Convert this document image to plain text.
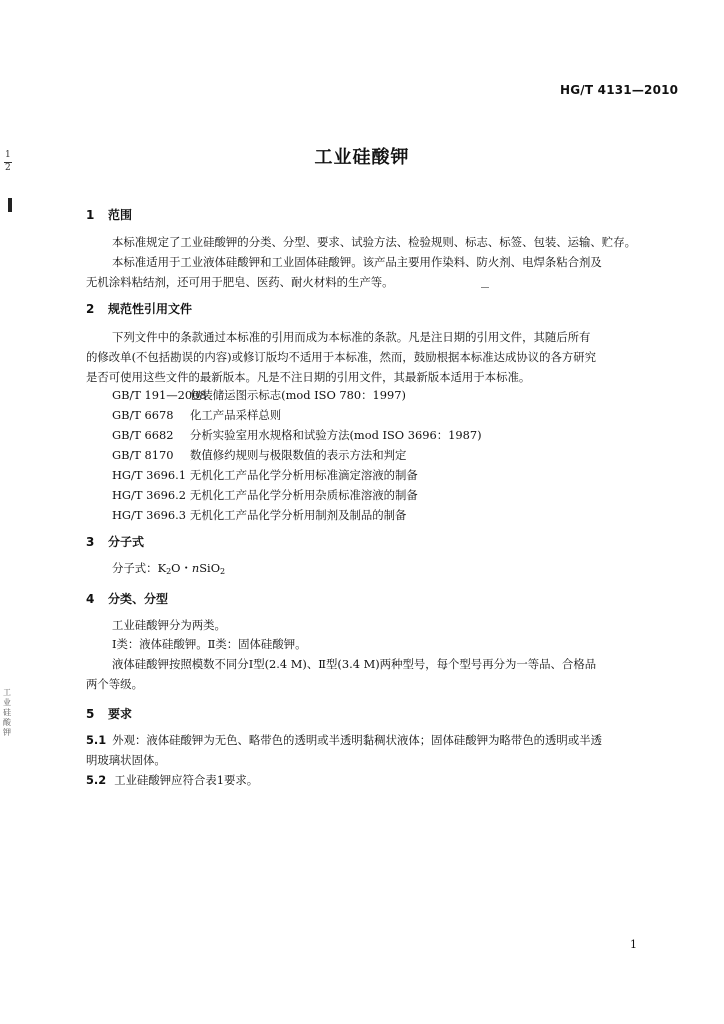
1
2
工业硅酸钾
HG/T 4131—2010
工业硅酸钾
1 范围
本标准规定了工业硅酸钾的分类、分型、要求、试验方法、检验规则、标志、标签、包装、运输、贮存。
本标准适用于工业液体硅酸钾和工业固体硅酸钾。该产品主要用作染料、防火剂、电焊条粘合剂及
无机涂料粘结剂，还可用于肥皂、医药、耐火材料的生产等。
2 规范性引用文件
下列文件中的条款通过本标准的引用而成为本标准的条款。凡是注日期的引用文件，其随后所有
的修改单(不包括勘误的内容)或修订版均不适用于本标准，然而，鼓励根据本标准达成协议的各方研究
是否可使用这些文件的最新版本。凡是不注日期的引用文件，其最新版本适用于本标准。
GB/T 191—2008包装储运图示标志(mod ISO 780：1997)
GB/T 6678 化工产品采样总则
GB/T 6682 分析实验室用水规格和试验方法(mod ISO 3696：1987)
GB/T 8170 数值修约规则与极限数值的表示方法和判定
HG/T 3696.1 无机化工产品化学分析用标准滴定溶液的制备
HG/T 3696.2 无机化工产品化学分析用杂质标准溶液的制备
HG/T 3696.3 无机化工产品化学分析用制剂及制品的制备
3 分子式
分子式：$K_2O$・nSiO$_2$
4 分类、分型
工业硅酸钾分为两类。
Ⅰ类：液体硅酸钾。Ⅱ类：固体硅酸钾。
液体硅酸钾按照模数不同分Ⅰ型(2.4 M)、Ⅱ型(3.4 M)两种型号，每个型号再分为一等品、合格品
两个等级。
5 要求
5.1 外观：液体硅酸钾为无色、略带色的透明或半透明黏稠状液体；固体硅酸钾为略带色的透明或半透
明玻璃状固体。
5.2 工业硅酸钾应符合表1要求。
1
